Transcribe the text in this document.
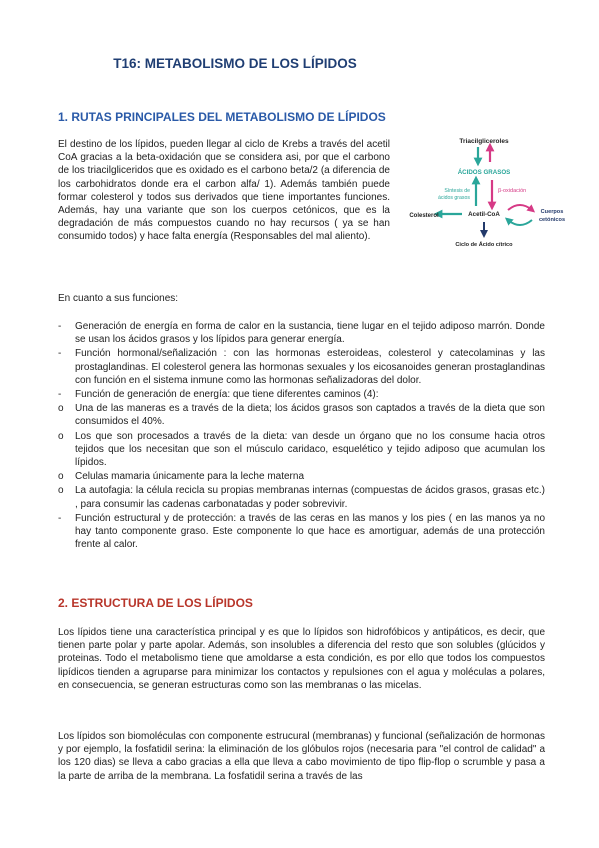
T16: METABOLISMO DE LOS LÍPIDOS
1. RUTAS PRINCIPALES DEL METABOLISMO DE LÍPIDOS
El destino de los lípidos, pueden llegar al ciclo de Krebs a través del acetil CoA gracias a la beta-oxidación que se considera asi, por que el carbono de los triacilgliceridos que es oxidado es el carbono beta/2 (a diferencia de los carbohidratos donde era el carbon alfa/ 1). Además también puede formar colesterol y todos sus derivados que tiene importantes funciones. Además, hay una variante que son los cuerpos cetónicos, que es la degradación de más compuestos cuando no hay recursos ( ya se han consumido todos) y hace falta energía (Responsables del mal aliento).
Triacilgliceroles
ÁCIDOS GRASOS
β-oxidación
Síntesis de
ácidos grasos
Acetil-CoA
Colesterol
Cuerpos
cetónicos
Ciclo de Ácido cítrico
En cuanto a sus funciones:
-	Generación de energía en forma de calor en la sustancia, tiene lugar en el tejido adiposo marrón. Donde se usan los ácidos grasos y los lípidos para generar energía.
-	Función hormonal/señalización : con las hormonas esteroideas, colesterol y catecolaminas y las prostaglandinas. El colesterol genera las hormonas sexuales y los eicosanoides generan prostaglandinas con función en el sistema inmune como las hormonas señalizadoras del dolor.
-	Función de generación de energía: que tiene diferentes caminos (4):
o	Una de las maneras es a través de la dieta; los ácidos grasos son captados a través de la dieta que son consumidos el 40%.
o	Los que son procesados a través de la dieta: van desde un órgano que no los consume hacia otros tejidos que los necesitan que son el músculo caridaco, esquelético y tejido adiposo que acumulan los lípidos.
o	Celulas mamaria únicamente para la leche materna
o	La autofagia: la célula recicla su propias membranas internas (compuestas de ácidos grasos, grasas etc.) , para consumir las cadenas carbonatadas y poder sobrevivir.
-	Función estructural y de protección: a través de las ceras en las manos y los pies ( en las manos ya no hay tanto componente graso. Este componente lo que hace es amortiguar, además de una protección frente al calor.
2. ESTRUCTURA DE LOS LÍPIDOS
Los lípidos tiene una característica principal y es que lo lípidos son hidrofóbicos y antipáticos, es decir, que tienen parte polar y parte apolar. Además, son insolubles a diferencia del resto que son solubles (glúcidos y proteinas. Todo el metabolismo tiene que amoldarse a esta condición, es por ello que todos los compuestos lipídicos tienden a agruparse para minimizar los contactos y repulsiones con el agua y moléculas a polares, en consecuencia, se generan estructuras como son las membranas o las micelas.
Los lípidos son biomoléculas con componente estrucural (membranas) y funcional (señalización de hormonas y por ejemplo, la fosfatidil serina: la eliminación de los glóbulos rojos (necesaria para "el control de calidad" a los 120 dias) se lleva a cabo gracias a ella que lleva a cabo movimiento de tipo flip-flop o scrumble y pasa a la parte de arriba de la membrana. La fosfatidil serina a través de las
